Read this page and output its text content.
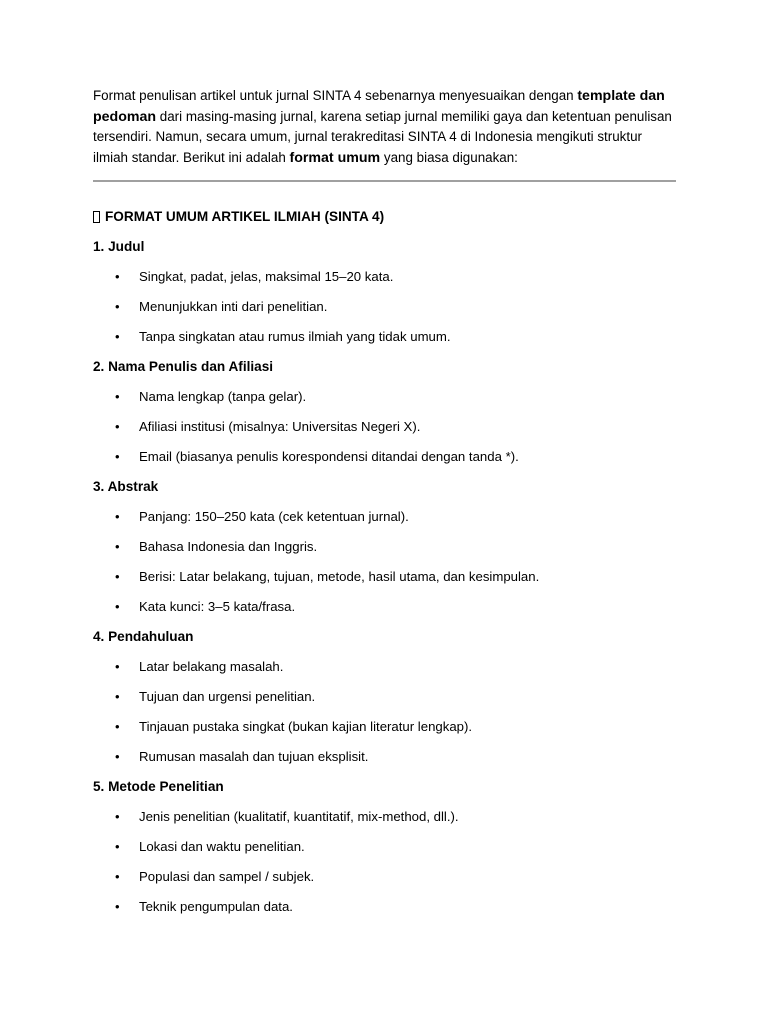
Format penulisan artikel untuk jurnal SINTA 4 sebenarnya menyesuaikan dengan template dan pedoman dari masing-masing jurnal, karena setiap jurnal memiliki gaya dan ketentuan penulisan tersendiri. Namun, secara umum, jurnal terakreditasi SINTA 4 di Indonesia mengikuti struktur ilmiah standar. Berikut ini adalah format umum yang biasa digunakan:

FORMAT UMUM ARTIKEL ILMIAH (SINTA 4)
1. Judul
• Singkat, padat, jelas, maksimal 15–20 kata.
• Menunjukkan inti dari penelitian.
• Tanpa singkatan atau rumus ilmiah yang tidak umum.
2. Nama Penulis dan Afiliasi
• Nama lengkap (tanpa gelar).
• Afiliasi institusi (misalnya: Universitas Negeri X).
• Email (biasanya penulis korespondensi ditandai dengan tanda *).
3. Abstrak
• Panjang: 150–250 kata (cek ketentuan jurnal).
• Bahasa Indonesia dan Inggris.
• Berisi: Latar belakang, tujuan, metode, hasil utama, dan kesimpulan.
• Kata kunci: 3–5 kata/frasa.
4. Pendahuluan
• Latar belakang masalah.
• Tujuan dan urgensi penelitian.
• Tinjauan pustaka singkat (bukan kajian literatur lengkap).
• Rumusan masalah dan tujuan eksplisit.
5. Metode Penelitian
• Jenis penelitian (kualitatif, kuantitatif, mix-method, dll.).
• Lokasi dan waktu penelitian.
• Populasi dan sampel / subjek.
• Teknik pengumpulan data.
